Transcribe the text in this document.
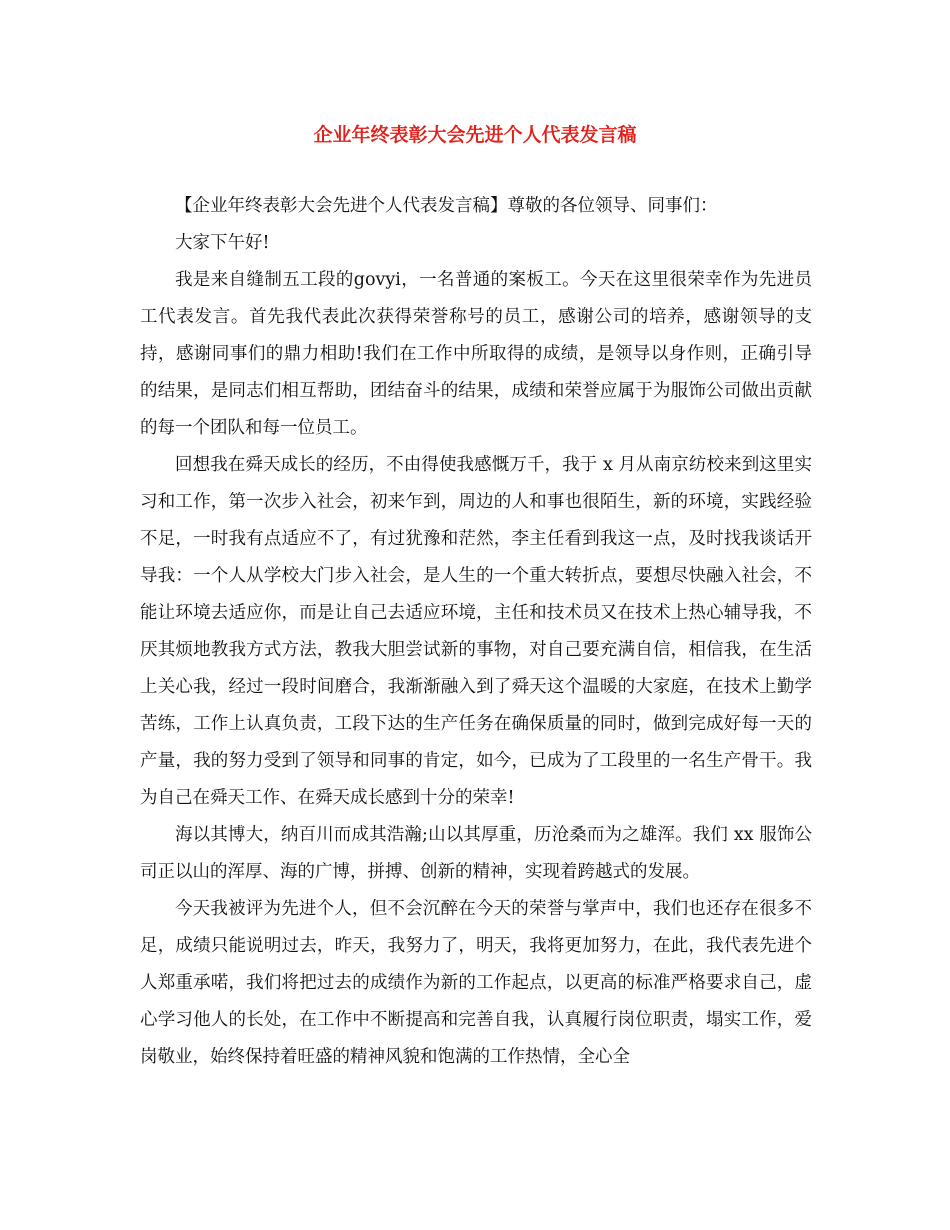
企业年终表彰大会先进个人代表发言稿

【企业年终表彰大会先进个人代表发言稿】尊敬的各位领导、同事们：

大家下午好!

我是来自缝制五工段的govyi，一名普通的案板工。今天在这里很荣幸作为先进员工代表发言。首先我代表此次获得荣誉称号的员工，感谢公司的培养，感谢领导的支持，感谢同事们的鼎力相助!我们在工作中所取得的成绩，是领导以身作则，正确引导的结果，是同志们相互帮助，团结奋斗的结果，成绩和荣誉应属于为服饰公司做出贡献的每一个团队和每一位员工。

回想我在舜天成长的经历，不由得使我感慨万千，我于 x 月从南京纺校来到这里实习和工作，第一次步入社会，初来乍到，周边的人和事也很陌生，新的环境，实践经验不足，一时我有点适应不了，有过犹豫和茫然，李主任看到我这一点，及时找我谈话开导我：一个人从学校大门步入社会，是人生的一个重大转折点，要想尽快融入社会，不能让环境去适应你，而是让自己去适应环境，主任和技术员又在技术上热心辅导我，不厌其烦地教我方式方法，教我大胆尝试新的事物，对自己要充满自信，相信我，在生活上关心我，经过一段时间磨合，我渐渐融入到了舜天这个温暖的大家庭，在技术上勤学苦练，工作上认真负责，工段下达的生产任务在确保质量的同时，做到完成好每一天的产量，我的努力受到了领导和同事的肯定，如今，已成为了工段里的一名生产骨干。我为自己在舜天工作、在舜天成长感到十分的荣幸!

海以其博大，纳百川而成其浩瀚;山以其厚重，历沧桑而为之雄浑。我们 xx 服饰公司正以山的浑厚、海的广博，拼搏、创新的精神，实现着跨越式的发展。

今天我被评为先进个人，但不会沉醉在今天的荣誉与掌声中，我们也还存在很多不足，成绩只能说明过去，昨天，我努力了，明天，我将更加努力，在此，我代表先进个人郑重承喏，我们将把过去的成绩作为新的工作起点，以更高的标准严格要求自己，虚心学习他人的长处，在工作中不断提高和完善自我，认真履行岗位职责，塌实工作，爱岗敬业，始终保持着旺盛的精神风貌和饱满的工作热情，全心全
